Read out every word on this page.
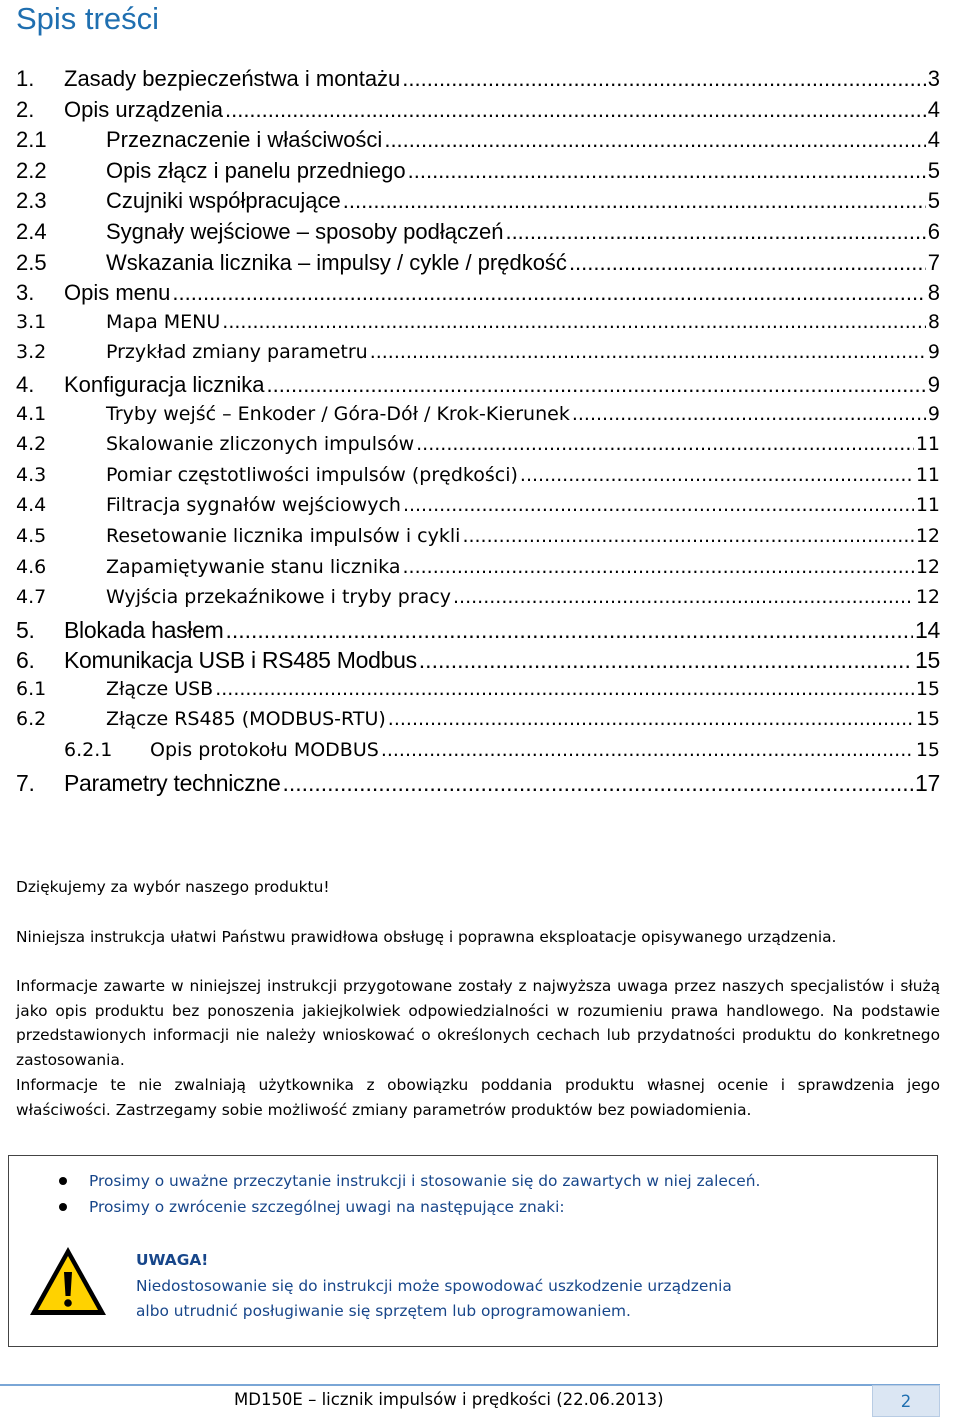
Spis treści
1.	Zasady bezpieczeństwa i montażu .....	3
2.	Opis urządzenia .....	4
2.1	Przeznaczenie i właściwości .....	4
2.2	Opis złącz i panelu przedniego .....	5
2.3	Czujniki współpracujące .....	5
2.4	Sygnały wejściowe – sposoby podłączeń .....	6
2.5	Wskazania licznika – impulsy / cykle / prędkość .....	7
3.	Opis menu .....	8
3.1	Mapa MENU .....	8
3.2	Przykład zmiany parametru .....	9
4.	Konfiguracja licznika .....	9
4.1	Tryby wejść – Enkoder / Góra-Dół / Krok-Kierunek .....	9
4.2	Skalowanie zliczonych impulsów .....	11
4.3	Pomiar częstotliwości impulsów (prędkości) .....	11
4.4	Filtracja sygnałów wejściowych .....	11
4.5	Resetowanie licznika impulsów i cykli .....	12
4.6	Zapamiętywanie stanu licznika .....	12
4.7	Wyjścia przekaźnikowe i tryby pracy .....	12
5.	Blokada hasłem .....	14
6.	Komunikacja USB i RS485 Modbus .....	15
6.1	Złącze USB .....	15
6.2	Złącze RS485 (MODBUS-RTU) .....	15
6.2.1	Opis protokołu MODBUS .....	15
7.	Parametry techniczne .....	17
Dziękujemy za wybór naszego produktu!
Niniejsza instrukcja ułatwi Państwu prawidłowa obsługę i poprawna eksploatacje opisywanego urządzenia.
Informacje zawarte w niniejszej instrukcji przygotowane zostały z najwyższa uwaga przez naszych specjalistów i służą jako opis produktu bez ponoszenia jakiejkolwiek odpowiedzialności w rozumieniu prawa handlowego. Na podstawie przedstawionych informacji nie należy wnioskować o określonych cechach lub przydatności produktu do konkretnego zastosowania.
Informacje te nie zwalniają użytkownika z obowiązku poddania produktu własnej ocenie i sprawdzenia jego właściwości. Zastrzegamy sobie możliwość zmiany parametrów produktów bez powiadomienia.
Prosimy o uważne przeczytanie instrukcji i stosowanie się do zawartych w niej zaleceń.
Prosimy o zwrócenie szczególnej uwagi na następujące znaki:
UWAGA!
Niedostosowanie się do instrukcji może spowodować uszkodzenie urządzenia
albo utrudnić posługiwanie się sprzętem lub oprogramowaniem.
MD150E – licznik impulsów i prędkości (22.06.2013)	2
